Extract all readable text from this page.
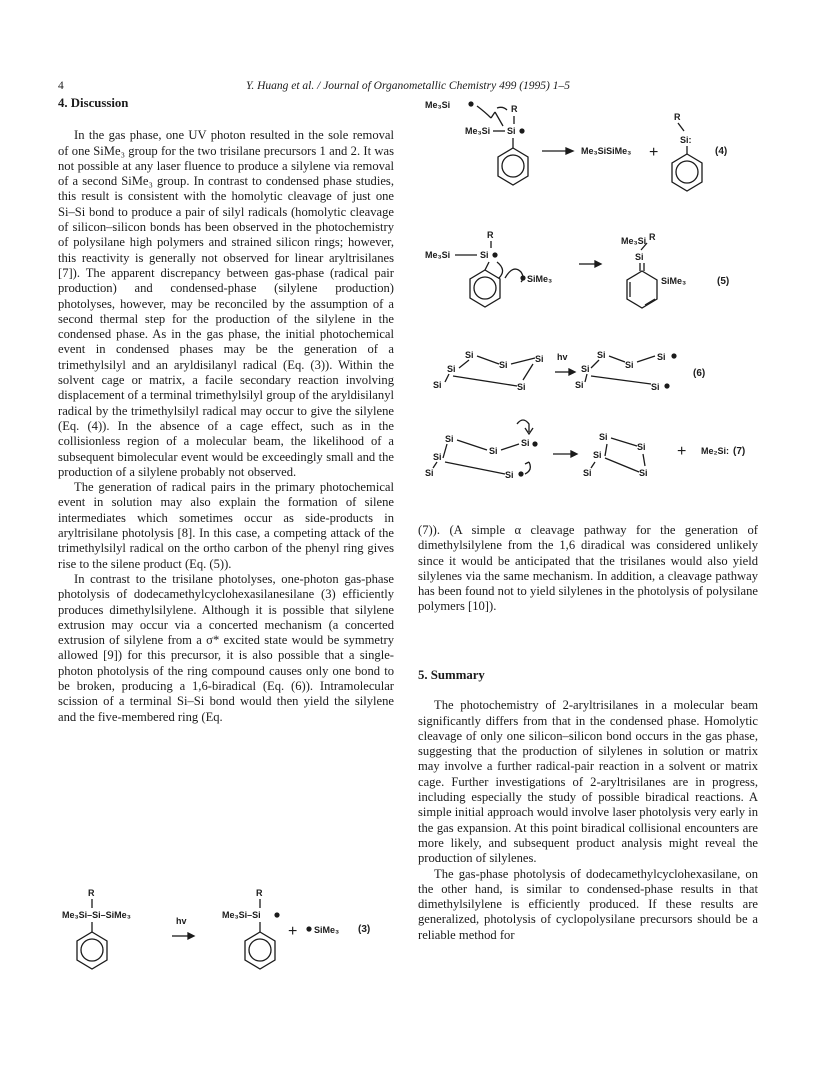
4	Y. Huang et al. / Journal of Organometallic Chemistry 499 (1995) 1–5
4. Discussion

In the gas phase, one UV photon resulted in the sole removal of one SiMe₃ group for the two trisilane precursors 1 and 2. It was not possible at any laser fluence to produce a silylene via removal of a second SiMe₃ group. In contrast to condensed phase studies, this result is consistent with the homolytic cleavage of just one Si–Si bond to produce a pair of silyl radicals (homolytic cleavage of silicon–silicon bonds has been observed in the photochemistry of polysilane high polymers and strained silicon rings; however, this reactivity is generally not observed for linear aryltrisilanes [7]). The apparent discrepancy between gas-phase (radical pair production) and condensed-phase (silylene production) photolyses, however, may be reconciled by the assumption of a second thermal step for the production of the silylene in the condensed phase. As in the gas phase, the initial photochemical event in condensed phases may be the generation of a trimethylsilyl and an aryldisilanyl radical (Eq. (3)). Within the solvent cage or matrix, a facile secondary reaction involving displacement of a terminal trimethylsilyl group of the aryldisilanyl radical by the trimethylsilyl radical may occur to give the silylene (Eq. (4)). In the absence of a cage effect, such as in the collisionless region of a molecular beam, the likelihood of a subsequent bimolecular event would be exceedingly small and the production of a silylene probably not observed.

The generation of radical pairs in the primary photochemical event in solution may also explain the formation of silene intermediates which sometimes occur as side-products in aryltrisilane photolysis [8]. In this case, a competing attack of the trimethylsilyl radical on the ortho carbon of the phenyl ring gives rise to the silene product (Eq. (5)).

In contrast to the trisilane photolyses, one-photon gas-phase photolysis of dodecamethylcyclohexasilanesilane (3) efficiently produces dimethylsilylene. Although it is possible that silylene extrusion may occur via a concerted mechanism (a concerted extrusion of silylene from a σ* excited state would be symmetry allowed [9]) for this precursor, it is also possible that a single-photon photolysis of the ring compound causes only one bond to be broken, producing a 1,6-biradical (Eq. (6)). Intramolecular scission of a terminal Si–Si bond would then yield the silylene and the five-membered ring (Eq.

(7)). (A simple α cleavage pathway for the generation of dimethylsilylene from the 1,6 diradical was considered unlikely since it would be anticipated that the trisilanes would also yield silylenes via the same mechanism. In addition, a cleavage pathway has been found not to yield silylenes in the photolysis of polysilane polymers [10]).

5. Summary

The photochemistry of 2-aryltrisilanes in a molecular beam significantly differs from that in the condensed phase. Homolytic cleavage of only one silicon–silicon bond occurs in the gas phase, suggesting that the production of silylenes in solution or matrix may involve a further radical-pair reaction in a solvent or matrix cage. Further investigations of 2-aryltrisilanes are in progress, including especially the study of possible biradical reactions. A simple initial approach would involve laser photolysis very early in the gas expansion. At this point biradical collisional encounters are more likely, and subsequent product analysis might reveal the production of silylenes.

The gas-phase photolysis of dodecamethylcyclohexasilane, on the other hand, is similar to condensed-phase results in that dimethylsilylene is efficiently produced. If these results are generalized, photolysis of cyclopolysilane precursors should be a reliable method for

Me₃Si	R
Me₃Si Si
Me₃SiSiMe₃ +
R
Si:
(4)
R
Me₃Si	Si
SiMe₃
Me₃Si R
Si
SiMe₃	(5)
Si
Si
Si
Si
Si
Si
hv	Si
Si
Si
Si
Si
Si
(6)
Si
Si
Si
Si
Si
Si
Si
Si
Si
Si
Si
+ Me₂Si: (7)
R
Me₃Si–Si–SiMe₃
hv
R
Me₃Si–Si
+ SiMe₃ (3)
